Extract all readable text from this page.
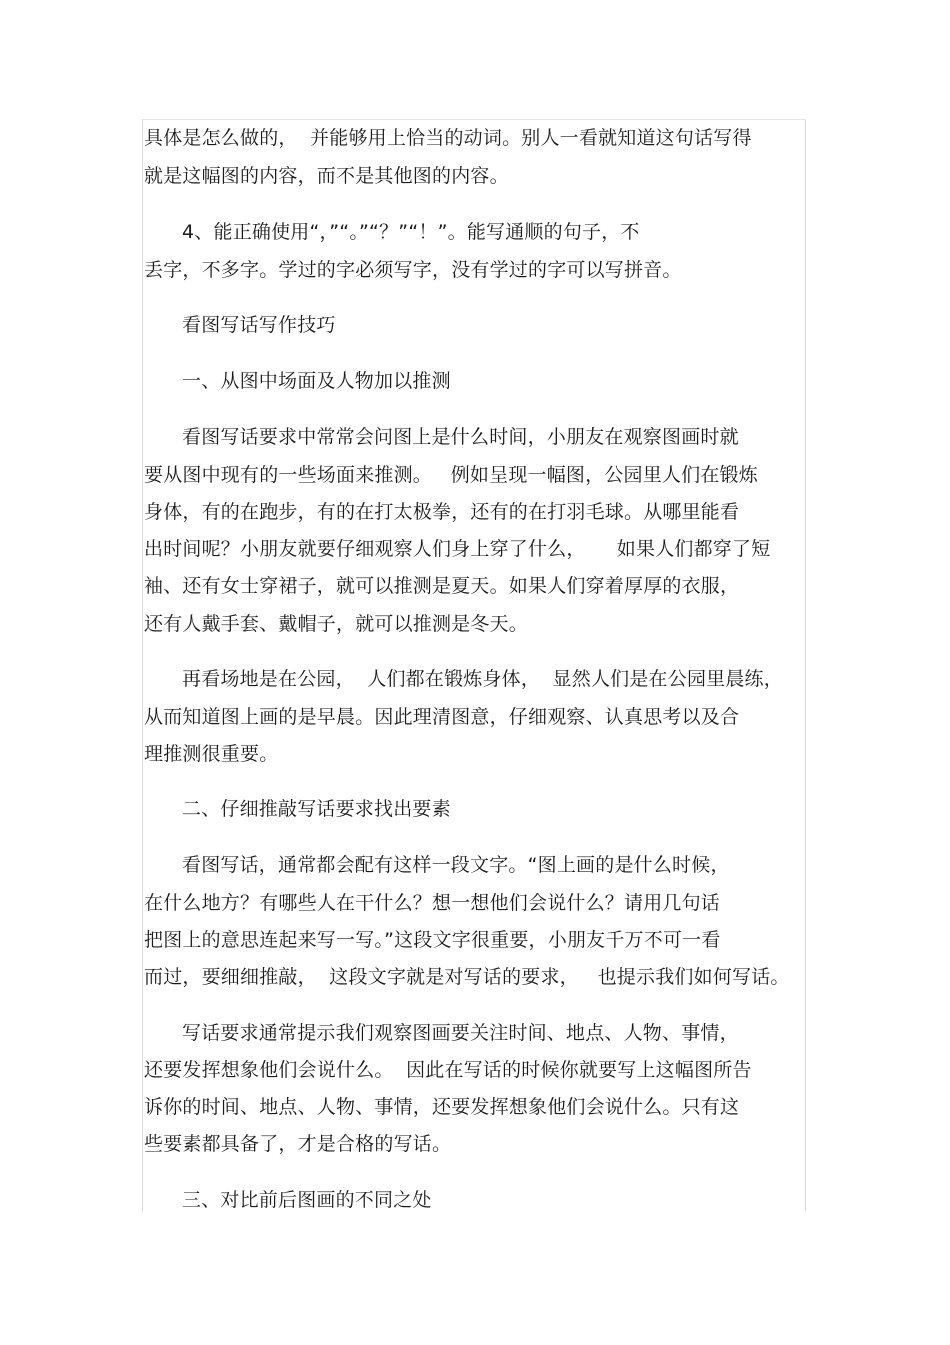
具体是怎么做的，  并能够用上恰当的动词。别人一看就知道这句话写得
就是这幅图的内容，而不是其他图的内容。
4、能正确使用“，”“。”“？”“！”。能写通顺的句子，不
丢字，不多字。学过的字必须写字，没有学过的字可以写拼音。
看图写话写作技巧
一、从图中场面及人物加以推测
看图写话要求中常常会问图上是什么时间，小朋友在观察图画时就
要从图中现有的一些场面来推测。   例如呈现一幅图，公园里人们在锻炼
身体，有的在跑步，有的在打太极拳，还有的在打羽毛球。从哪里能看
出时间呢？小朋友就要仔细观察人们身上穿了什么，     如果人们都穿了短
袖、还有女士穿裙子，就可以推测是夏天。如果人们穿着厚厚的衣服，
还有人戴手套、戴帽子，就可以推测是冬天。
再看场地是在公园，  人们都在锻炼身体，  显然人们是在公园里晨练，
从而知道图上画的是早晨。因此理清图意，仔细观察、认真思考以及合
理推测很重要。
二、仔细推敲写话要求找出要素
看图写话，通常都会配有这样一段文字。“图上画的是什么时候，
在什么地方？有哪些人在干什么？想一想他们会说什么？请用几句话
把图上的意思连起来写一写。”这段文字很重要，小朋友千万不可一看
而过，要细细推敲，  这段文字就是对写话的要求，   也提示我们如何写话。
写话要求通常提示我们观察图画要关注时间、地点、人物、事情，
还要发挥想象他们会说什么。  因此在写话的时候你就要写上这幅图所告
诉你的时间、地点、人物、事情，还要发挥想象他们会说什么。只有这
些要素都具备了，才是合格的写话。
三、对比前后图画的不同之处
